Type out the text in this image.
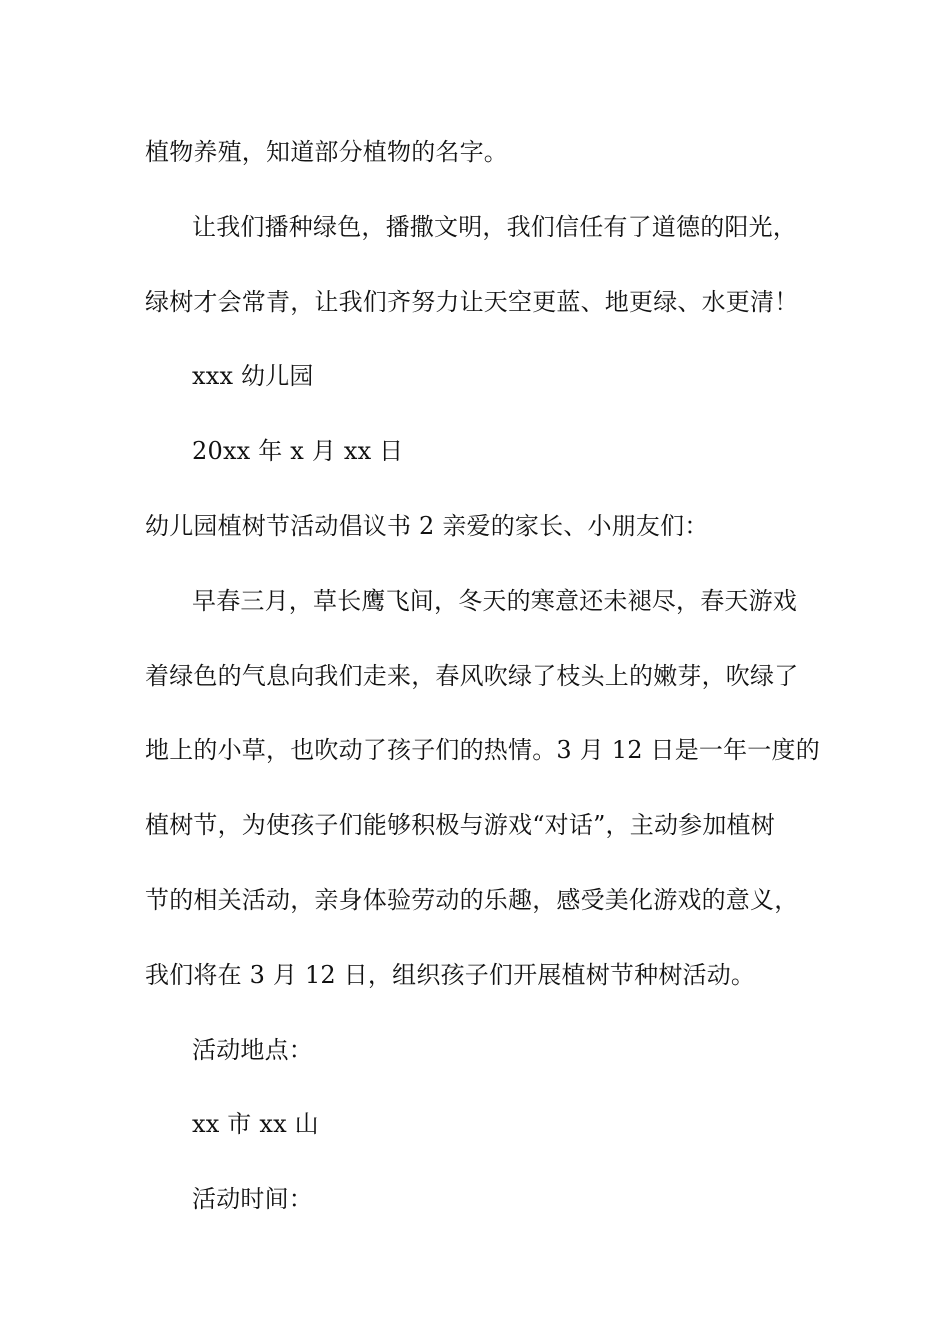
植物养殖，知道部分植物的名字。
让我们播种绿色，播撒文明，我们信任有了道德的阳光，
绿树才会常青，让我们齐努力让天空更蓝、地更绿、水更清！
xxx 幼儿园
20xx 年 x 月 xx 日
幼儿园植树节活动倡议书 2 亲爱的家长、小朋友们：
早春三月，草长鹰飞间，冬天的寒意还未褪尽，春天游戏
着绿色的气息向我们走来，春风吹绿了枝头上的嫩芽，吹绿了
地上的小草，也吹动了孩子们的热情。3 月 12 日是一年一度的
植树节，为使孩子们能够积极与游戏“对话”，主动参加植树
节的相关活动，亲身体验劳动的乐趣，感受美化游戏的意义，
我们将在 3 月 12 日，组织孩子们开展植树节种树活动。
活动地点：
xx 市 xx 山
活动时间：
